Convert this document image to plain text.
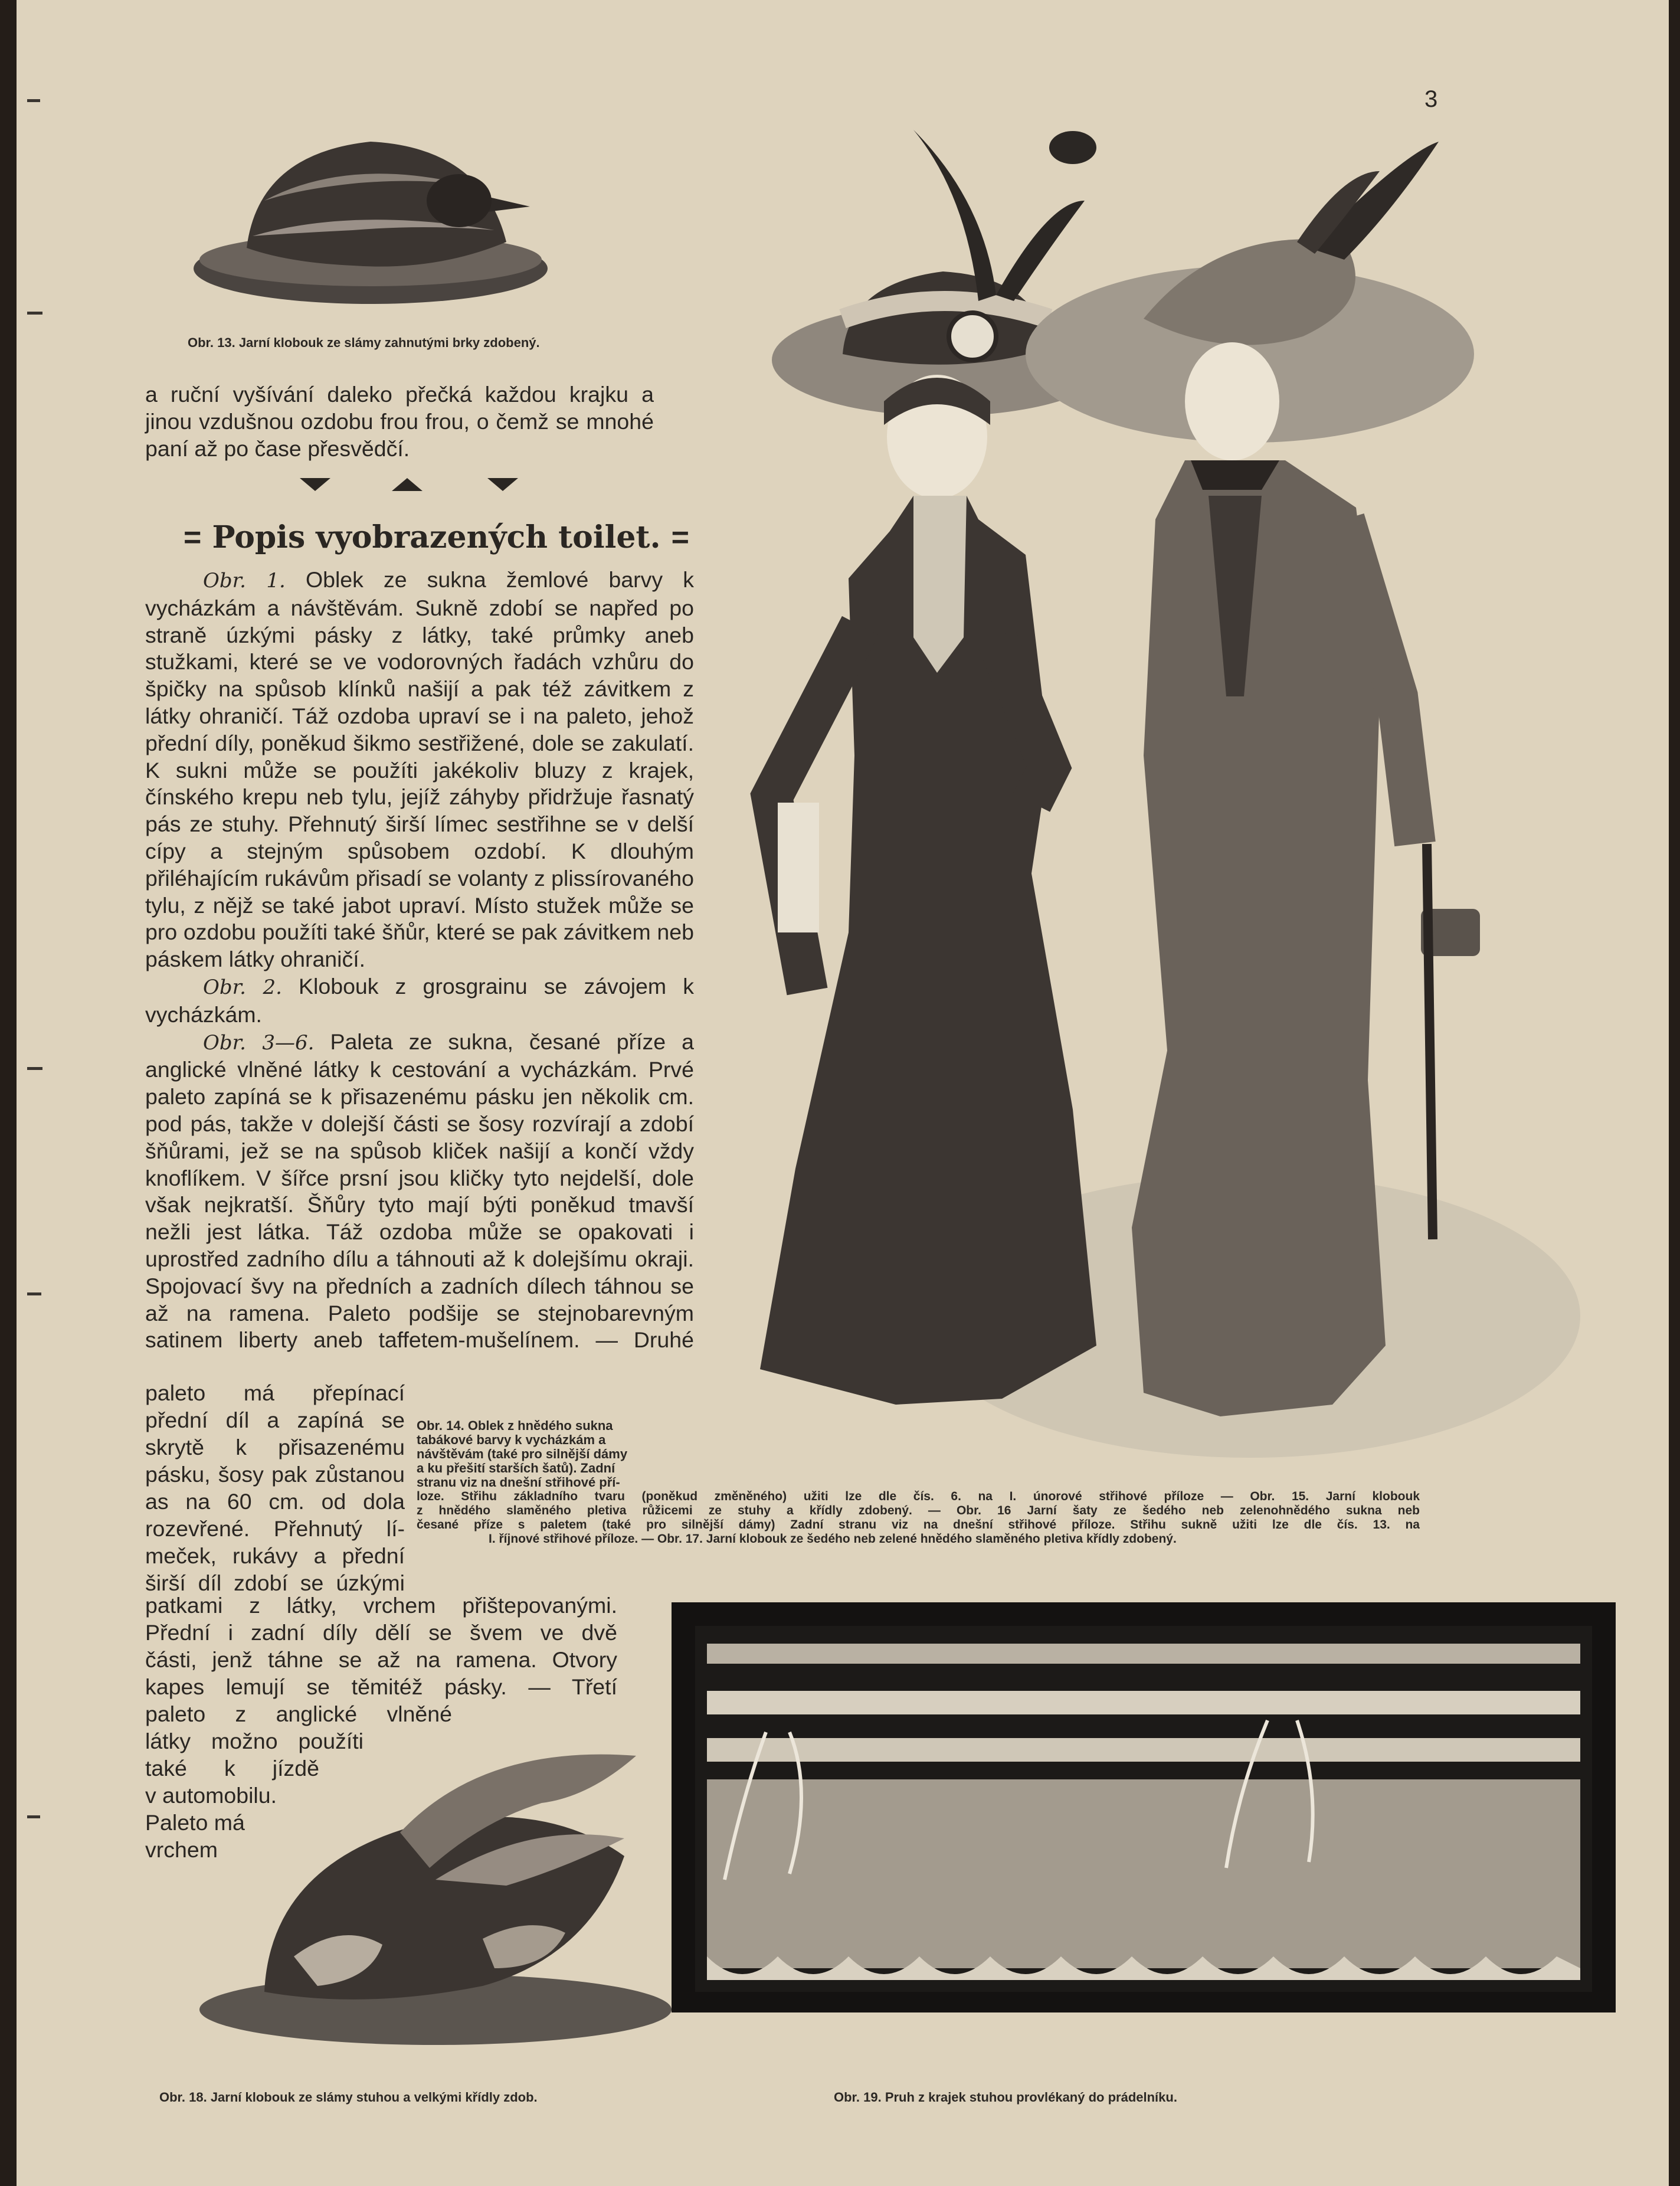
3
Obr. 13. Jarní klobouk ze slámy zahnutými brky zdobený.

a ruční vyšívání daleko přečká každou krajku a

jinou vzdušnou ozdobu frou frou, o čemž se mnohé

paní až po čase přesvědčí.

= Popis vyobrazených toilet. =

Obr. 1. Oblek ze sukna žemlové barvy k vycházkám a návštěvám. Sukně zdobí se napřed po straně úzkými pásky z látky, také průmky aneb stužkami, které se ve vodorovných řadách vzhůru do špičky na spůsob klínků našijí a pak též závitkem z látky ohraničí. Táž ozdoba upraví se i na paleto, jehož přední díly, poněkud šikmo sestřižené, dole se zakulatí. K sukni může se použíti jakékoliv bluzy z krajek, čínského krepu neb tylu, jejíž záhyby přidržuje řasnatý pás ze stuhy. Přehnutý širší límec sestřihne se v delší cípy a stejným spůsobem ozdobí. K dlouhým přiléhajícím rukávům přisadí se volanty z plissírovaného tylu, z nějž se také jabot upraví. Místo stužek může se pro ozdobu použíti také šňůr, které se pak závitkem neb páskem látky ohraničí.

Obr. 2. Klobouk z grosgrainu se závojem k vycházkám.

Obr. 3—6. Paleta ze sukna, česané příze a anglické vlněné látky k cestování a vycházkám. Prvé paleto zapíná se k přisazenému pásku jen několik cm. pod pás, takže v dolejší části se šosy rozvírají a zdobí šňůrami, jež se na spůsob kliček našijí a končí vždy knoflíkem. V šířce prsní jsou kličky tyto nejdelší, dole však nejkratší. Šňůry tyto mají býti poněkud tmavší nežli jest látka. Táž ozdoba může se opakovati i uprostřed zadního dílu a táhnouti až k dolejšímu okraji. Spojovací švy na předních a zadních dílech táhnou se až na ramena. Paleto podšije se stejnobarevným satinem liberty aneb taffetem-mušelínem. — Druhé

paleto má přepínací
přední díl a zapíná se
skrytě k přisazenému
pásku, šosy pak zůstanou
as na 60 cm. od dola
rozevřené. Přehnutý lí-
meček, rukávy a přední
širší díl zdobí se úzkými
Obr. 14. Oblek z hnědého sukna
tabákové barvy k vycházkám a
návštěvám (také pro silnější dámy
a ku přešití starších šatů). Zadní
stranu viz na dnešní střihové pří-
loze. Střihu základního tvaru (poněkud změněného) užiti lze dle čís. 6. na I. únorové střihové příloze — Obr. 15. Jarní klobouk
z hnědého slaměného pletiva růžicemi ze stuhy a křídly zdobený. — Obr. 16 Jarní šaty ze šedého neb zelenohnědého sukna neb
česané příze s paletem (také pro silnější dámy) Zadní stranu viz na dnešní střihové příloze. Střihu sukně užiti lze dle čís. 13. na
I. říjnové střihové příloze. — Obr. 17. Jarní klobouk ze šedého neb zelené hnědého slaměného pletiva křídly zdobený.
patkami z látky, vrchem přištepovanými.
Přední i zadní díly dělí se švem ve dvě
části, jenž táhne se až na ramena. Otvory
kapes lemují se těmitéž pásky. — Třetí
paleto z anglické vlněné
látky možno použíti
také k jízdě
v automobilu.
Paleto má
vrchem
Obr. 18. Jarní klobouk ze slámy stuhou a velkými křídly zdob.	Obr. 19. Pruh z krajek stuhou provlékaný do prádelníku.
